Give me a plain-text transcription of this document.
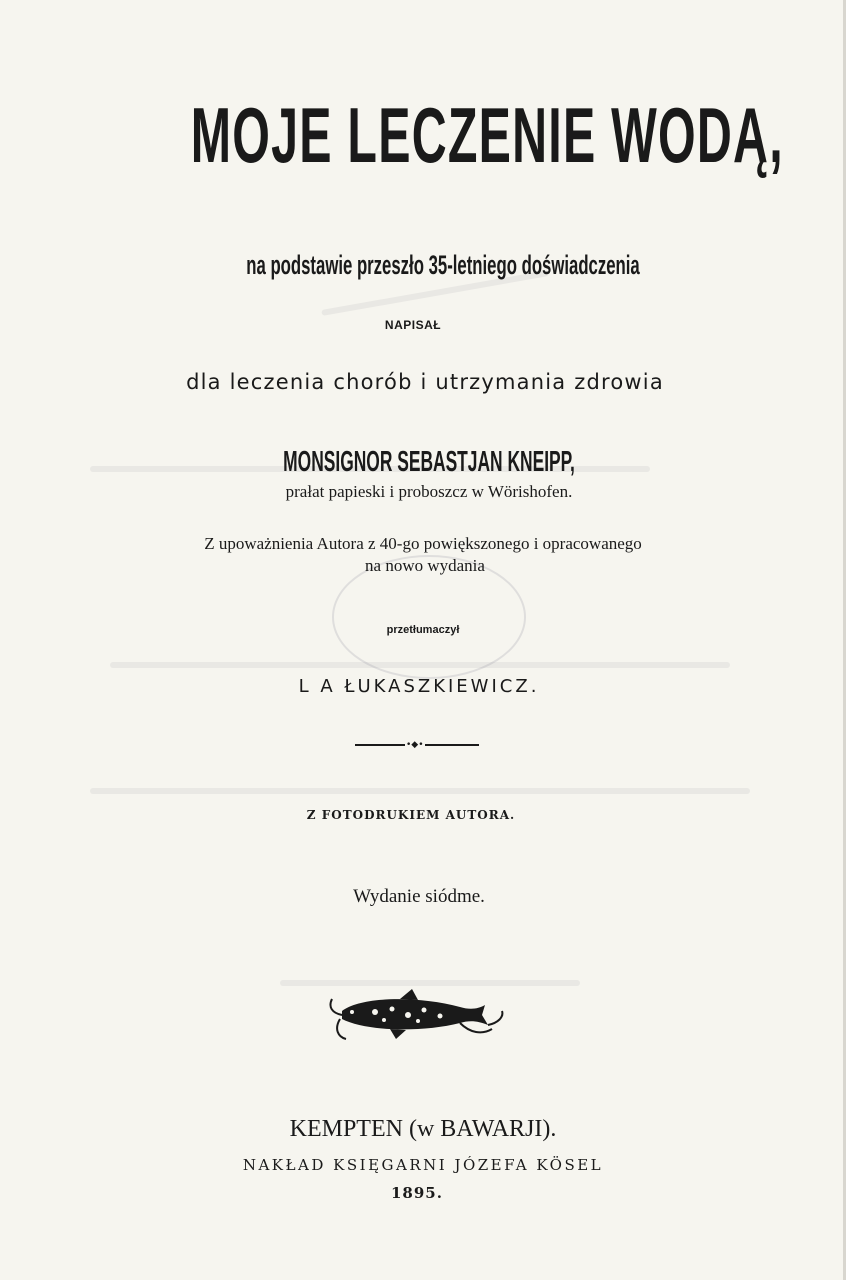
MOJE LECZENIE WODĄ,
na podstawie przeszło 35-letniego doświadczenia
NAPISAŁ
dla leczenia chorób i utrzymania zdrowia
MONSIGNOR SEBASTJAN KNEIPP,
prałat papieski i proboszcz w Wörishofen.
Z upoważnienia Autora z 40-go powiększonego i opracowanego
na nowo wydania
przetłumaczył
L A ŁUKASZKIEWICZ.
•◆•
Z FOTODRUKIEM AUTORA.
Wydanie siódme.
KEMPTEN (w BAWARJI).
NAKŁAD KSIĘGARNI JÓZEFA KÖSEL
1895.
